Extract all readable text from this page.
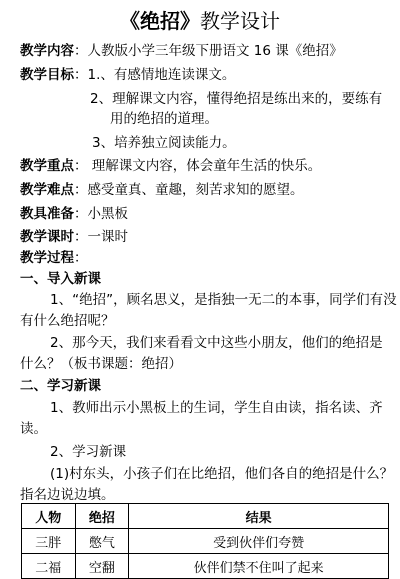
《绝招》教学设计
教学内容：人教版小学三年级下册语文 16 课《绝招》
教学目标：1.、有感情地连读课文。
2、理解课文内容，懂得绝招是练出来的，要练有
用的绝招的道理。
3、培养独立阅读能力。
教学重点： 理解课文内容，体会童年生活的快乐。
教学难点：感受童真、童趣，刻苦求知的愿望。
教具准备：小黑板
教学课时：一课时
教学过程：
一、导入新课
1、“绝招”，顾名思义，是指独一无二的本事，同学们有没
有什么绝招呢？
2、那今天，我们来看看文中这些小朋友，他们的绝招是
什么？（板书课题：绝招）
二、学习新课
1、教师出示小黑板上的生词，学生自由读，指名读、齐
读。
2、学习新课
(1)村东头，小孩子们在比绝招，他们各自的绝招是什么？
指名边说边填。
人物	绝招	结果
三胖	憋气	受到伙伴们夸赞
二福	空翻	伙伴们禁不住叫了起来
